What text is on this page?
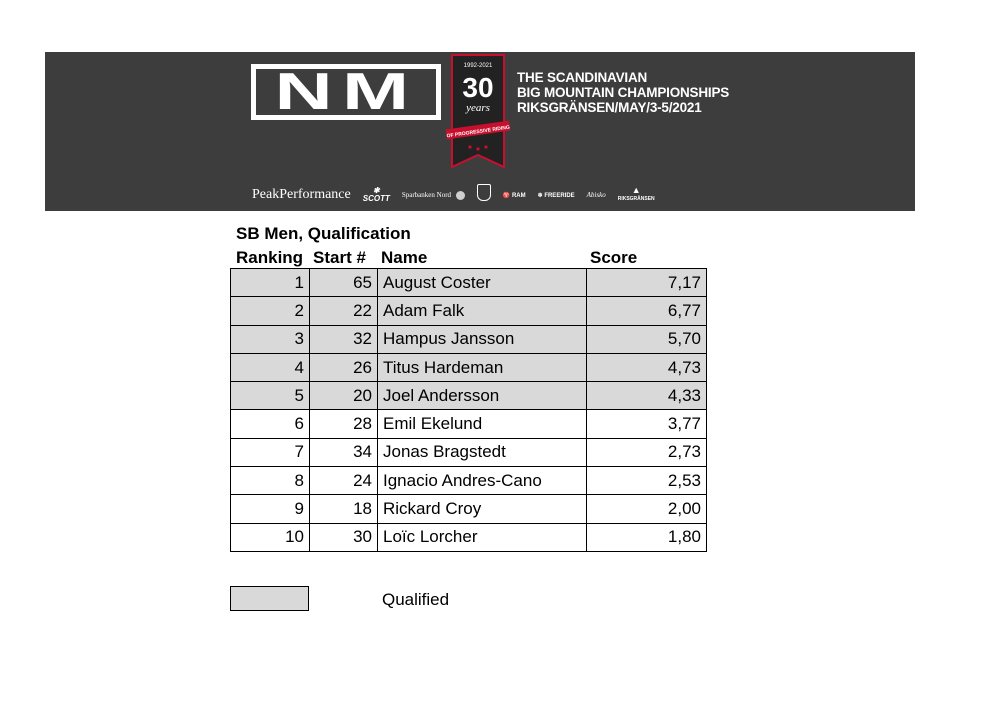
NM	1992-2021
30
years
OF PROGRESSIVE RIDING
THE SCANDINAVIAN
BIG MOUNTAIN CHAMPIONSHIPS
RIKSGRÄNSEN/MAY/3-5/2021
PeakPerformance	✱
SCOTT Sparbanken Nord	♈ RAM ❄ FREERIDE Abisko	▲
RIKSGRÄNSEN
SB Men, Qualification
Ranking Start # Name	Score
1	65	August Coster	7,17
2	22	Adam Falk	6,77
3	32	Hampus Jansson	5,70
4	26	Titus Hardeman	4,73
5	20	Joel Andersson	4,33
6	28	Emil Ekelund	3,77
7	34	Jonas Bragstedt	2,73
8	24	Ignacio Andres-Cano	2,53
9	18	Rickard Croy	2,00
10	30	Loïc Lorcher	1,80
Qualified
